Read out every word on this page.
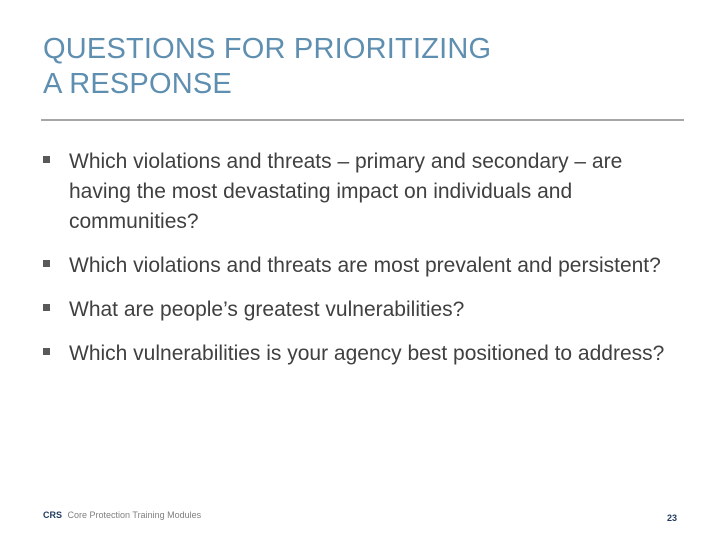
QUESTIONS FOR PRIORITIZING
A RESPONSE
Which violations and threats – primary and secondary – are having the most devastating impact on individuals and communities?
Which violations and threats are most prevalent and persistent?
What are people’s greatest vulnerabilities?
Which vulnerabilities is your agency best positioned to address?
CRS Core Protection Training Modules	23
